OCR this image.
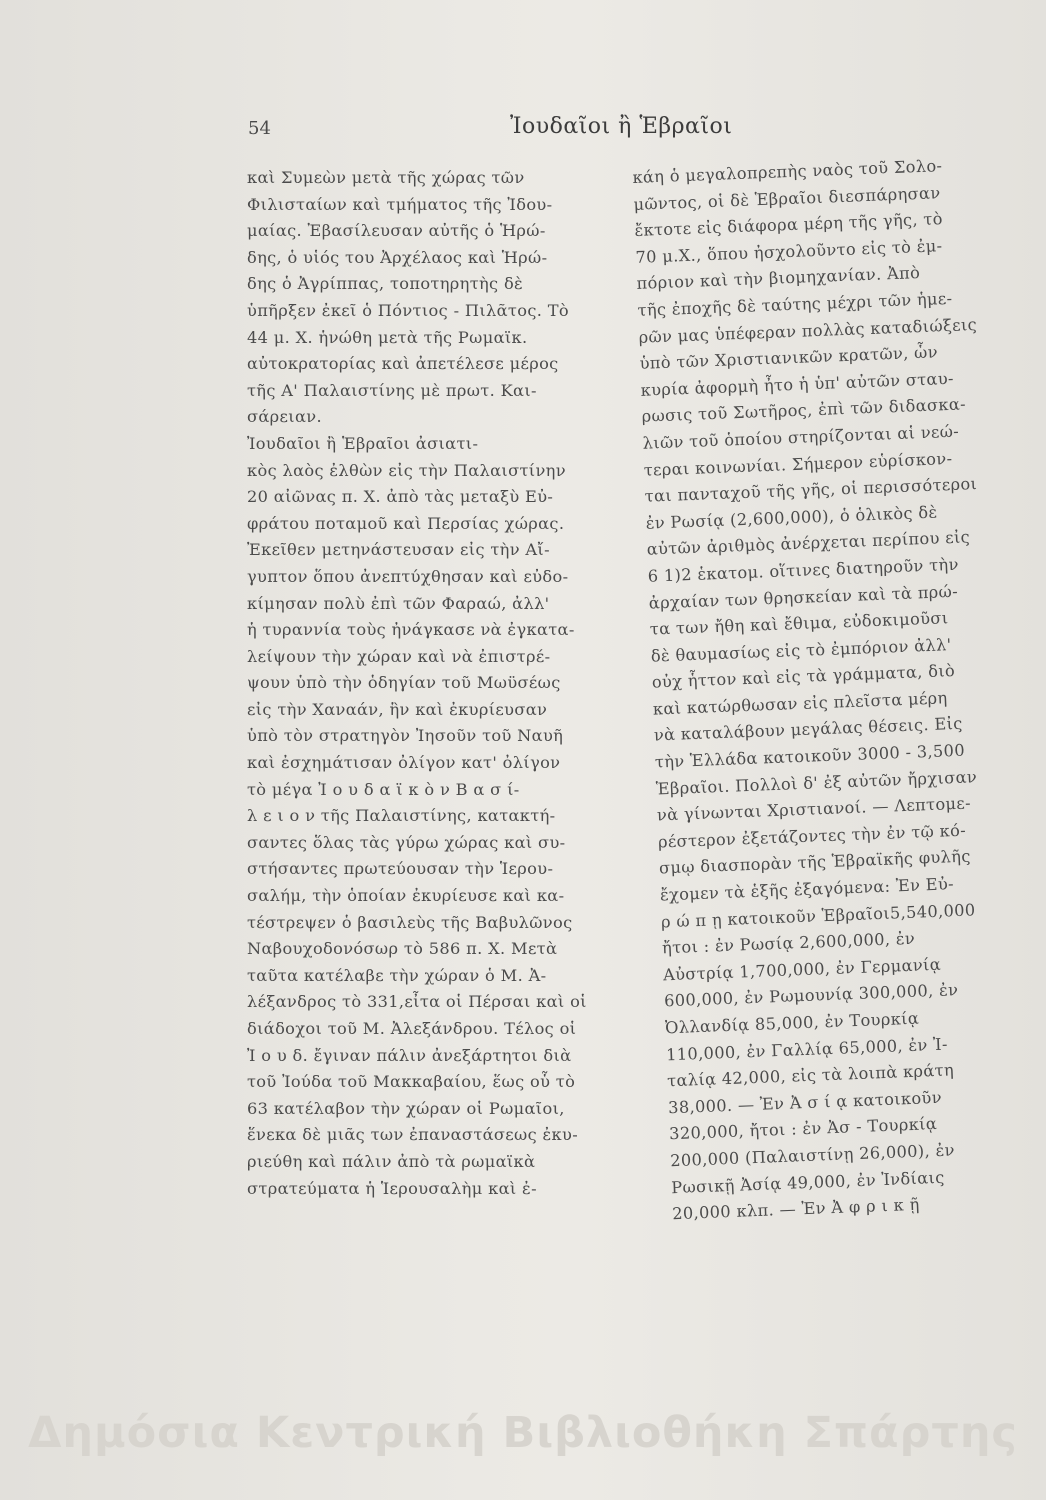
54	Ἰουδαῖοι ἢ Ἑβραῖοι
καὶ Συμεὼν μετὰ τῆς χώρας τῶν
Φιλισταίων καὶ τμήματος τῆς Ἰδου-
μαίας. Ἐβασίλευσαν αὐτῆς ὁ Ἡρώ-
δης, ὁ υἱός του Ἀρχέλαος καὶ Ἡρώ-
δης ὁ Ἀγρίππας, τοποτηρητὴς δὲ
ὑπῆρξεν ἐκεῖ ὁ Πόντιος - Πιλᾶτος. Τὸ
44 μ. Χ. ἡνώθη μετὰ τῆς Ρωμαϊκ.
αὐτοκρατορίας καὶ ἀπετέλεσε μέρος
τῆς Α' Παλαιστίνης μὲ πρωτ. Και-
σάρειαν.
Ἰουδαῖοι ἢ Ἑβραῖοι ἀσιατι-
κὸς λαὸς ἐλθὼν εἰς τὴν Παλαιστίνην
20 αἰῶνας π. Χ. ἀπὸ τὰς μεταξὺ Εὐ-
φράτου ποταμοῦ καὶ Περσίας χώρας.
Ἐκεῖθεν μετηνάστευσαν εἰς τὴν Αἴ-
γυπτον ὅπου ἀνεπτύχθησαν καὶ εὐδο-
κίμησαν πολὺ ἐπὶ τῶν Φαραώ, ἀλλ'
ἡ τυραννία τοὺς ἠνάγκασε νὰ ἐγκατα-
λείψουν τὴν χώραν καὶ νὰ ἐπιστρέ-
ψουν ὑπὸ τὴν ὁδηγίαν τοῦ Μωϋσέως
εἰς τὴν Χαναάν, ἣν καὶ ἐκυρίευσαν
ὑπὸ τὸν στρατηγὸν Ἰησοῦν τοῦ Ναυῆ
καὶ ἐσχημάτισαν ὀλίγον κατ' ὀλίγον
τὸ μέγα Ἰ ο υ δ α ϊ κ ὸ ν Β α σ ί-
λ ε ι ο ν τῆς Παλαιστίνης, κατακτή-
σαντες ὅλας τὰς γύρω χώρας καὶ συ-
στήσαντες πρωτεύουσαν τὴν Ἱερου-
σαλήμ, τὴν ὁποίαν ἐκυρίευσε καὶ κα-
τέστρεψεν ὁ βασιλεὺς τῆς Βαβυλῶνος
Ναβουχοδονόσωρ τὸ 586 π. Χ. Μετὰ
ταῦτα κατέλαβε τὴν χώραν ὁ Μ. Ἀ-
λέξανδρος τὸ 331,εἶτα οἱ Πέρσαι καὶ οἱ
διάδοχοι τοῦ Μ. Ἀλεξάνδρου. Τέλος οἱ
Ἰ ο υ δ. ἔγιναν πάλιν ἀνεξάρτητοι διὰ
τοῦ Ἰούδα τοῦ Μακκαβαίου, ἕως οὗ τὸ
63 κατέλαβον τὴν χώραν οἱ Ρωμαῖοι,
ἕνεκα δὲ μιᾶς των ἐπαναστάσεως ἐκυ-
ριεύθη καὶ πάλιν ἀπὸ τὰ ρωμαϊκὰ
στρατεύματα ἡ Ἱερουσαλὴμ καὶ ἐ-
κάη ὁ μεγαλοπρεπὴς ναὸς τοῦ Σολο-
μῶντος, οἱ δὲ Ἑβραῖοι διεσπάρησαν
ἔκτοτε εἰς διάφορα μέρη τῆς γῆς, τὸ
70 μ.Χ., ὅπου ἠσχολοῦντο εἰς τὸ ἐμ-
πόριον καὶ τὴν βιομηχανίαν. Ἀπὸ
τῆς ἐποχῆς δὲ ταύτης μέχρι τῶν ἡμε-
ρῶν μας ὑπέφεραν πολλὰς καταδιώξεις
ὑπὸ τῶν Χριστιανικῶν κρατῶν, ὧν
κυρία ἀφορμὴ ἦτο ἡ ὑπ' αὐτῶν σταυ-
ρωσις τοῦ Σωτῆρος, ἐπὶ τῶν διδασκα-
λιῶν τοῦ ὁποίου στηρίζονται αἱ νεώ-
τεραι κοινωνίαι. Σήμερον εὑρίσκον-
ται πανταχοῦ τῆς γῆς, οἱ περισσότεροι
ἐν Ρωσίᾳ (2,600,000), ὁ ὁλικὸς δὲ
αὐτῶν ἀριθμὸς ἀνέρχεται περίπου εἰς
6 1)2 ἑκατομ. οἵτινες διατηροῦν τὴν
ἀρχαίαν των θρησκείαν καὶ τὰ πρώ-
τα των ἤθη καὶ ἔθιμα, εὐδοκιμοῦσι
δὲ θαυμασίως εἰς τὸ ἐμπόριον ἀλλ'
οὐχ ἧττον καὶ εἰς τὰ γράμματα, διὸ
καὶ κατώρθωσαν εἰς πλεῖστα μέρη
νὰ καταλάβουν μεγάλας θέσεις. Εἰς
τὴν Ἑλλάδα κατοικοῦν 3000 - 3,500
Ἑβραῖοι. Πολλοὶ δ' ἐξ αὐτῶν ἤρχισαν
νὰ γίνωνται Χριστιανοί. — Λεπτομε-
ρέστερον ἐξετάζοντες τὴν ἐν τῷ κό-
σμῳ διασπορὰν τῆς Ἑβραϊκῆς φυλῆς
ἔχομεν τὰ ἑξῆς ἐξαγόμενα: Ἐν Εὐ-
ρ ώ π ῃ κατοικοῦν Ἑβραῖοι5,540,000
ἤτοι : ἐν Ρωσίᾳ 2,600,000, ἐν
Αὐστρίᾳ 1,700,000, ἐν Γερμανίᾳ
600,000, ἐν Ρωμουνίᾳ 300,000, ἐν
Ὀλλανδίᾳ 85,000, ἐν Τουρκίᾳ
110,000, ἐν Γαλλίᾳ 65,000, ἐν Ἰ-
ταλίᾳ 42,000, εἰς τὰ λοιπὰ κράτη
38,000. — Ἐν Ἀ σ ί ᾳ κατοικοῦν
320,000, ἤτοι : ἐν Ἀσ - Τουρκίᾳ
200,000 (Παλαιστίνῃ 26,000), ἐν
Ρωσικῇ Ἀσίᾳ 49,000, ἐν Ἰνδίαις
20,000 κλπ. — Ἐν Ἀ φ ρ ι κ ῇ
Δημόσια Κεντρική Βιβλιοθήκη Σπάρτης
